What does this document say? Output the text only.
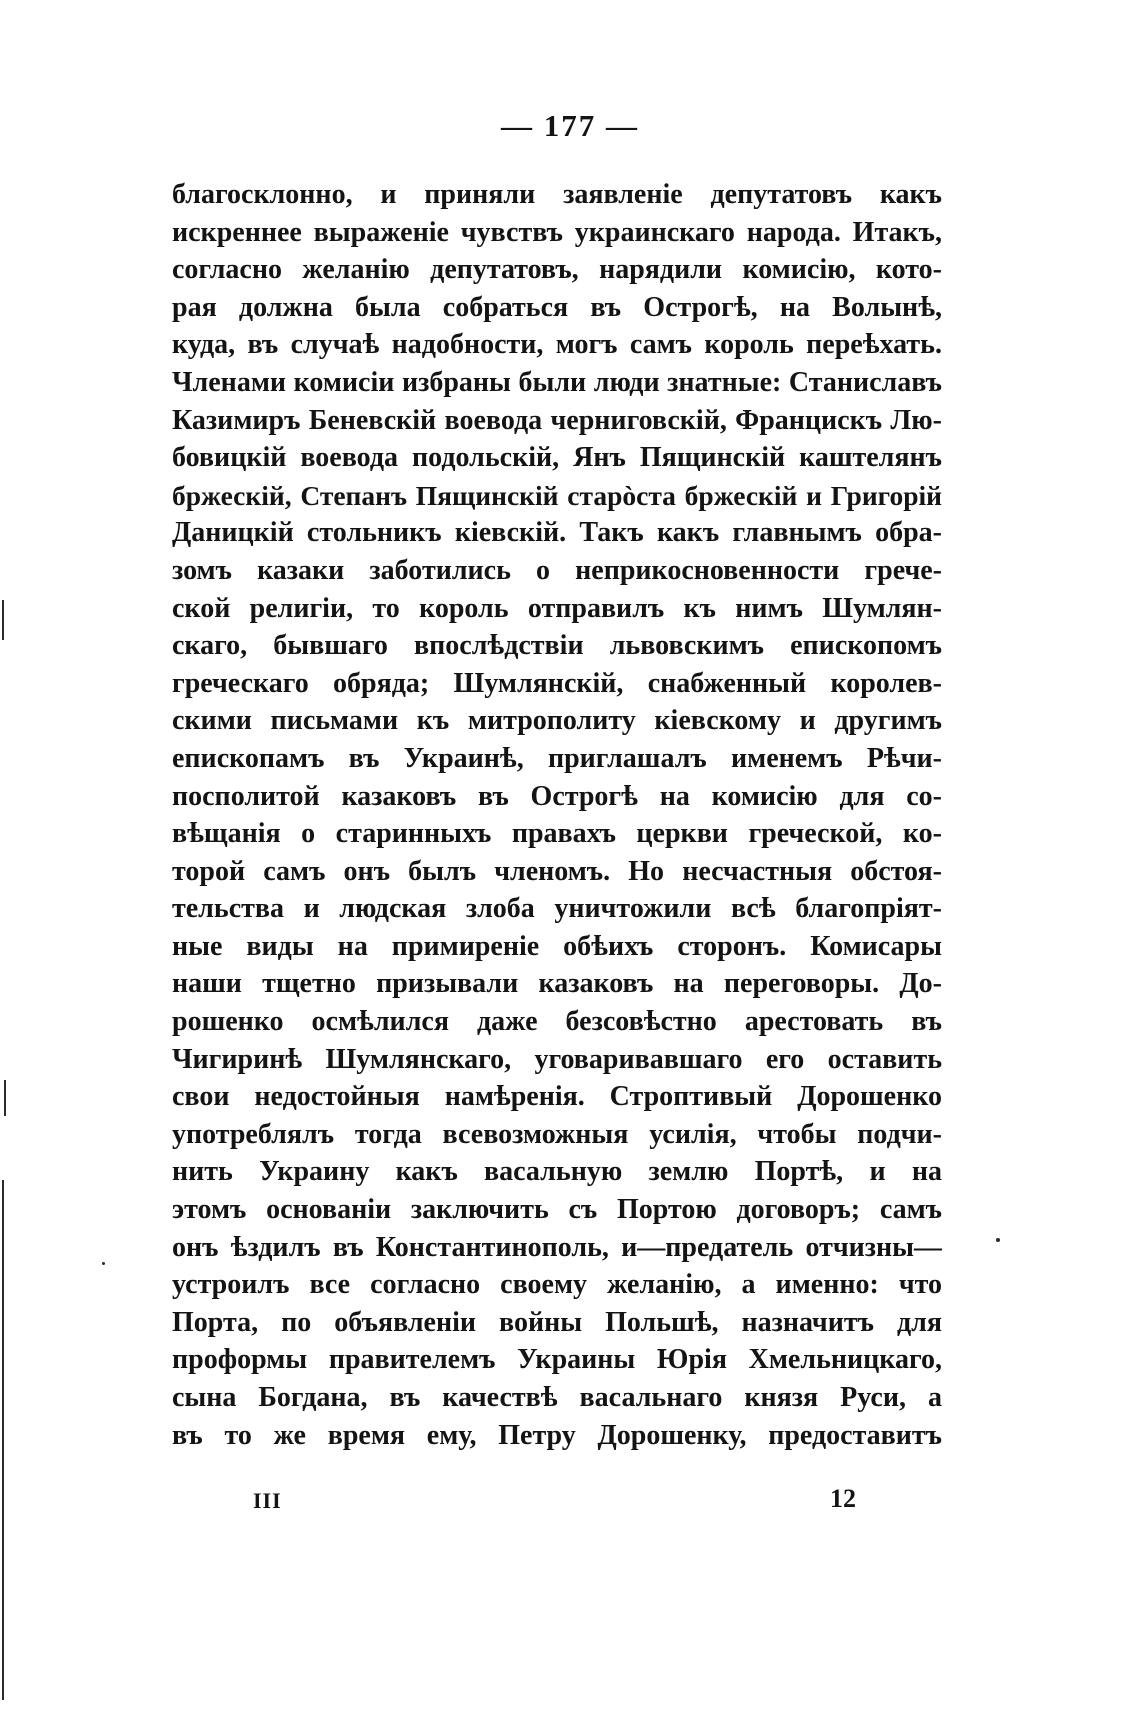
— 177 —
благосклонно, и приняли заявленіе депутатовъ какъ
искреннее выраженіе чувствъ украинскаго народа. Итакъ,
согласно желанію депутатовъ, нарядили комисію, кото-
рая должна была собраться въ Острогѣ, на Волынѣ,
куда, въ случаѣ надобности, могъ самъ король переѣхать.
Членами комисіи избраны были люди знатные: Станиславъ
Казимиръ Беневскій воевода черниговскій, Францискъ Лю-
бовицкій воевода подольскій, Янъ Пящинскій каштелянъ
бржескій, Степанъ Пящинскій старòста бржескій и Григорій
Даницкій стольникъ кіевскій. Такъ какъ главнымъ обра-
зомъ казаки заботились о неприкосновенности грече-
ской религіи, то король отправилъ къ нимъ Шумлян-
скаго, бывшаго впослѣдствіи львовскимъ епископомъ
греческаго обряда; Шумлянскій, снабженный королев-
скими письмами къ митрополиту кіевскому и другимъ
епископамъ въ Украинѣ, приглашалъ именемъ Рѣчи-
посполитой казаковъ въ Острогѣ на комисію для со-
вѣщанія о старинныхъ правахъ церкви греческой, ко-
торой самъ онъ былъ членомъ. Но несчастныя обстоя-
тельства и людская злоба уничтожили всѣ благопріят-
ные виды на примиреніе обѣихъ сторонъ. Комисары
наши тщетно призывали казаковъ на переговоры. До-
рошенко осмѣлился даже безсовѣстно арестовать въ
Чигиринѣ Шумлянскаго, уговаривавшаго его оставить
свои недостойныя намѣренія. Строптивый Дорошенко
употреблялъ тогда всевозможныя усилія, чтобы подчи-
нить Украину какъ васальную землю Портѣ, и на
этомъ основаніи заключить съ Портою договоръ; самъ
онъ ѣздилъ въ Константинополь, и—предатель отчизны—
устроилъ все согласно своему желанію, а именно: что
Порта, по объявленіи войны Польшѣ, назначитъ для
проформы правителемъ Украины Юрія Хмельницкаго,
сына Богдана, въ качествѣ васальнаго князя Руси, а
въ то же время ему, Петру Дорошенку, предоставитъ
III	12
